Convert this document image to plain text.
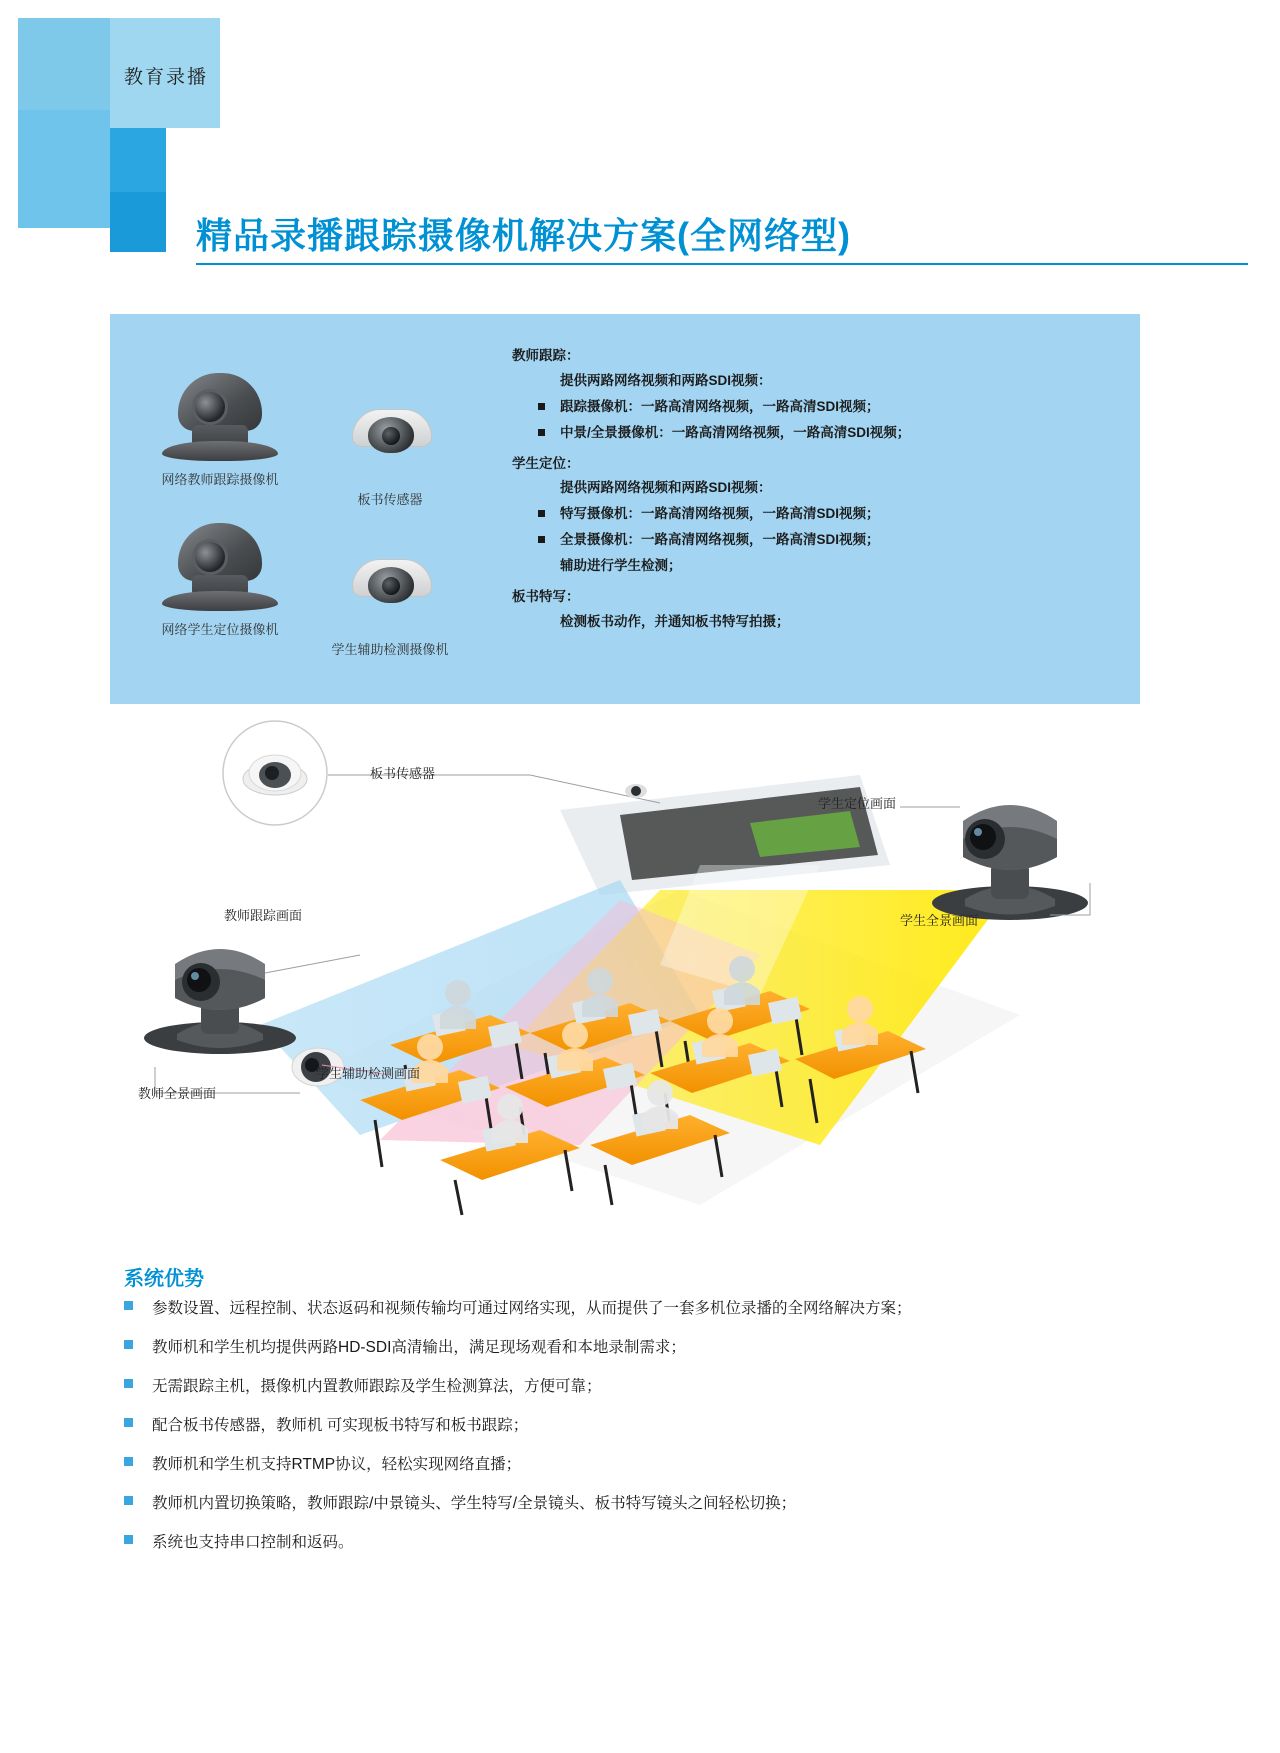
教育录播
精品录播跟踪摄像机解决方案(全网络型)
网络教师跟踪摄像机
板书传感器
网络学生定位摄像机
学生辅助检测摄像机
教师跟踪：
提供两路网络视频和两路SDI视频：
跟踪摄像机：一路高清网络视频，一路高清SDI视频；
中景/全景摄像机：一路高清网络视频，一路高清SDI视频；
学生定位：
提供两路网络视频和两路SDI视频：
特写摄像机：一路高清网络视频，一路高清SDI视频；
全景摄像机：一路高清网络视频，一路高清SDI视频；
辅助进行学生检测；
板书特写：
检测板书动作，并通知板书特写拍摄；
板书传感器
学生定位画面
学生全景画面
教师跟踪画面
教师全景画面
学生辅助检测画面
系统优势
参数设置、远程控制、状态返码和视频传输均可通过网络实现，从而提供了一套多机位录播的全网络解决方案；
教师机和学生机均提供两路HD-SDI高清输出，满足现场观看和本地录制需求；
无需跟踪主机，摄像机内置教师跟踪及学生检测算法，方便可靠；
配合板书传感器，教师机 可实现板书特写和板书跟踪；
教师机和学生机支持RTMP协议，轻松实现网络直播；
教师机内置切换策略，教师跟踪/中景镜头、学生特写/全景镜头、板书特写镜头之间轻松切换；
系统也支持串口控制和返码。
